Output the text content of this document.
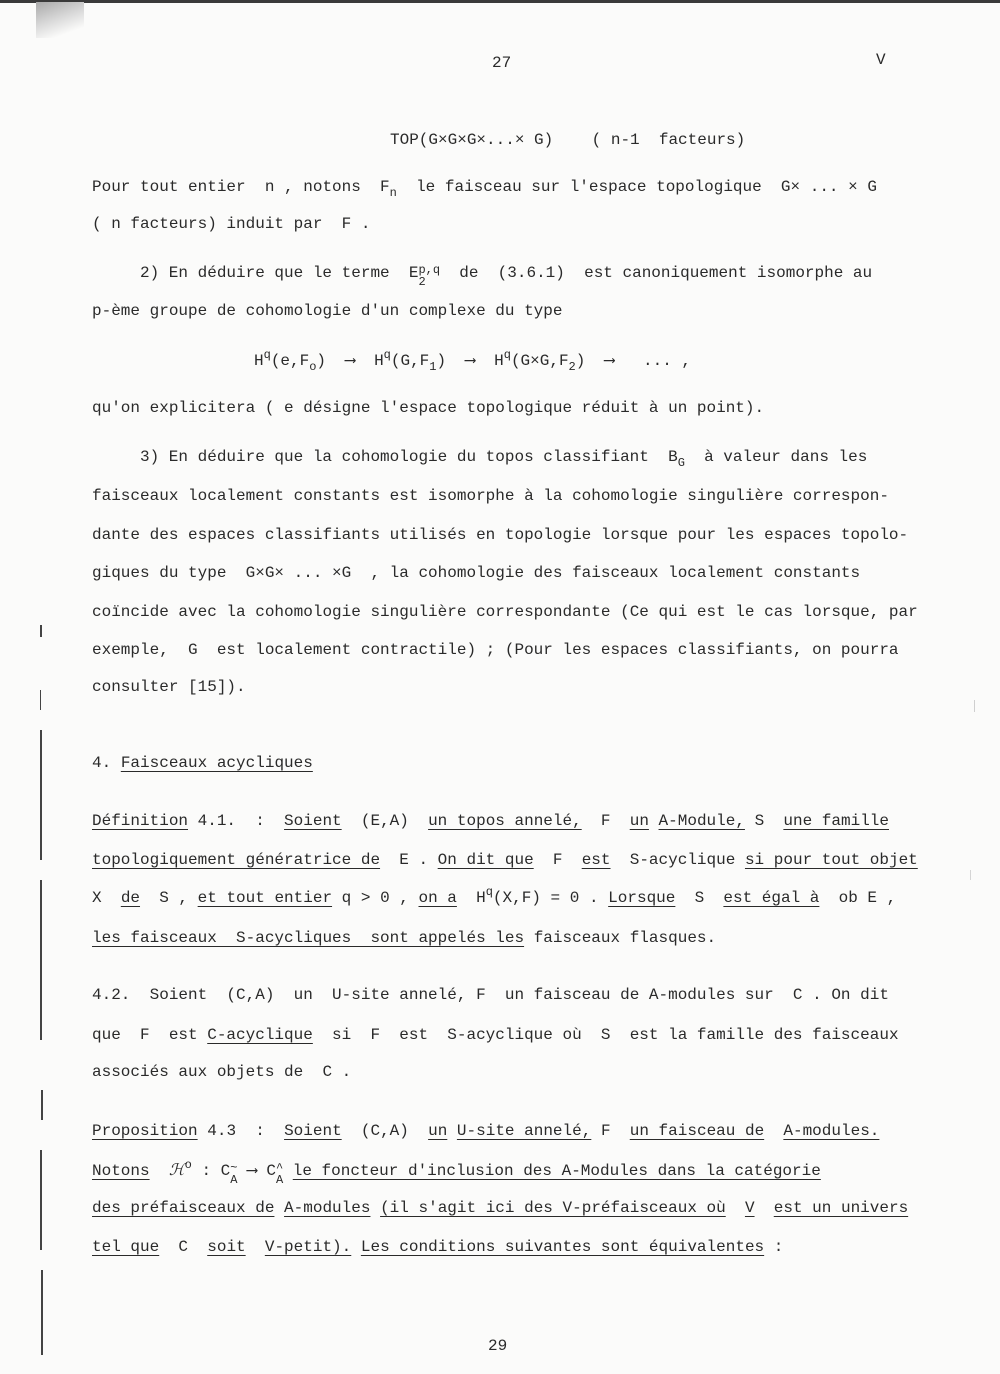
27	V
TOP(G×G×G×...× G)    ( n-1  facteurs)
Pour tout entier  n , notons  $F_n$  le faisceau sur l'espace topologique  G× ... × G
( n facteurs) induit par  F .
2) En déduire que le terme  E p,q
2 de  (3.6.1)  est canoniquement isomorphe au
p-ème groupe de cohomologie d'un complexe du type
$H^q(e,F_o)$  ⟶  $H^q(G,F_1)$  ⟶  $H^q(G\times G,F_2)$  ⟶   ... ,
qu'on explicitera ( e désigne l'espace topologique réduit à un point).
3) En déduire que la cohomologie du topos classifiant  $B_G$  à valeur dans les
faisceaux localement constants est isomorphe à la cohomologie singulière correspon-
dante des espaces classifiants utilisés en topologie lorsque pour les espaces topolo-
giques du type  G×G× ... ×G  , la cohomologie des faisceaux localement constants
coïncide avec la cohomologie singulière correspondante (Ce qui est le cas lorsque, par
exemple,  G  est localement contractile) ; (Pour les espaces classifiants, on pourra
consulter [15]).
4. Faisceaux acycliques
Définition 4.1. : Soient (E,A) un topos annelé, F un A-Module, S une famille
topologiquement génératrice de E . On dit que F est S-acyclique si pour tout objet
X de S , et tout entier q > 0 , on a $H^q(X,F) = 0$ . Lorsque S est égal à ob E ,
les faisceaux  S-acycliques  sont appelés les faisceaux flasques.
4.2.  Soient  (C,A)  un  U-site annelé, F  un faisceau de A-modules sur  C . On dit
que  F  est C-acyclique  si  F  est  S-acyclique où  S  est la famille des faisceaux
associés aux objets de  C .
Proposition 4.3 : Soient (C,A) un U-site annelé, F un faisceau de A-modules.
Notons ℋ$^o$ : C ~
A ⟶ C ^
A le foncteur d'inclusion des A-Modules dans la catégorie
des préfaisceaux de A-modules (il s'agit ici des V-préfaisceaux où V est un univers
tel que C soit V-petit). Les conditions suivantes sont équivalentes :
29
